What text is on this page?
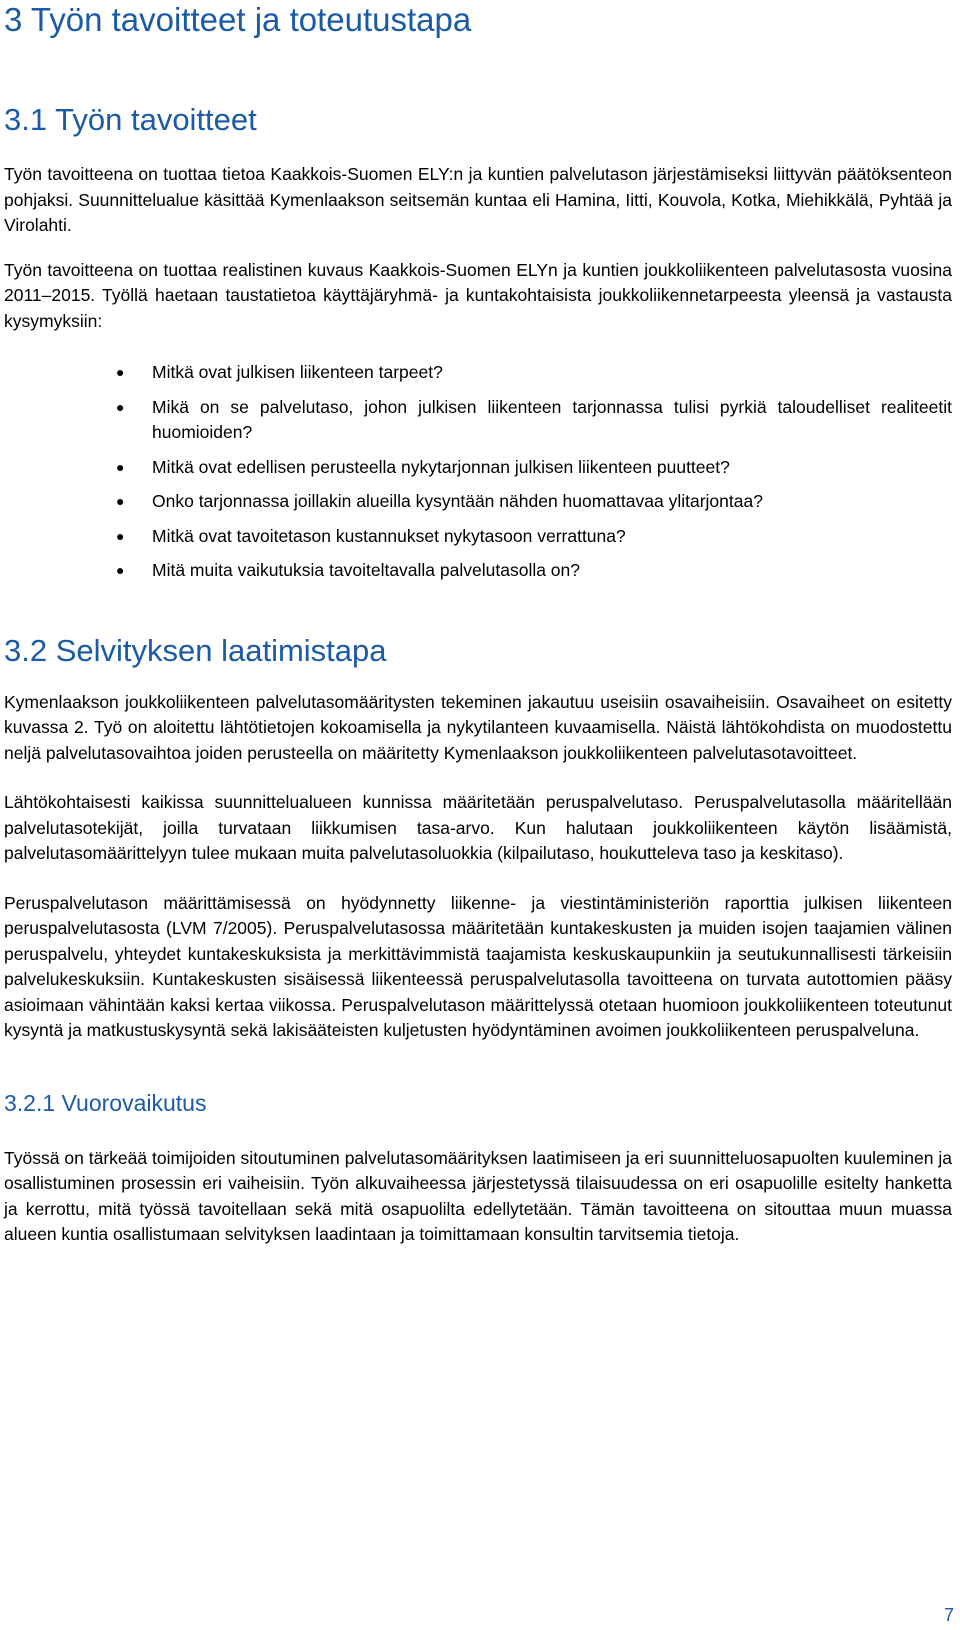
3 Työn tavoitteet ja toteutustapa
3.1 Työn tavoitteet

Työn tavoitteena on tuottaa tietoa Kaakkois-Suomen ELY:n ja kuntien palvelutason järjestämiseksi liittyvän päätöksenteon pohjaksi. Suunnittelualue käsittää Kymenlaakson seitsemän kuntaa eli Hamina, Iitti, Kouvola, Kotka, Miehikkälä, Pyhtää ja Virolahti.

Työn tavoitteena on tuottaa realistinen kuvaus Kaakkois-Suomen ELYn ja kuntien joukkoliikenteen palvelutasosta vuosina 2011–2015. Työllä haetaan taustatietoa käyttäjäryhmä- ja kuntakohtaisista joukkoliikennetarpeesta yleensä ja vastausta kysymyksiin:

● Mitkä ovat julkisen liikenteen tarpeet?
● Mikä on se palvelutaso, johon julkisen liikenteen tarjonnassa tulisi pyrkiä taloudelliset realiteetit huomioiden?
● Mitkä ovat edellisen perusteella nykytarjonnan julkisen liikenteen puutteet?
● Onko tarjonnassa joillakin alueilla kysyntään nähden huomattavaa ylitarjontaa?
● Mitkä ovat tavoitetason kustannukset nykytasoon verrattuna?
● Mitä muita vaikutuksia tavoiteltavalla palvelutasolla on?
3.2 Selvityksen laatimistapa

Kymenlaakson joukkoliikenteen palvelutasomääritysten tekeminen jakautuu useisiin osavaiheisiin. Osavaiheet on esitetty kuvassa 2. Työ on aloitettu lähtötietojen kokoamisella ja nykytilanteen kuvaamisella. Näistä lähtökohdista on muodostettu neljä palvelutasovaihtoa joiden perusteella on määritetty Kymenlaakson joukkoliikenteen palvelutasotavoitteet.

Lähtökohtaisesti kaikissa suunnittelualueen kunnissa määritetään peruspalvelutaso. Peruspalvelutasolla määritellään palvelutasotekijät, joilla turvataan liikkumisen tasa-arvo. Kun halutaan joukkoliikenteen käytön lisäämistä, palvelutasomäärittelyyn tulee mukaan muita palvelutasoluokkia (kilpailutaso, houkutteleva taso ja keskitaso).

Peruspalvelutason määrittämisessä on hyödynnetty liikenne- ja viestintäministeriön raporttia julkisen liikenteen peruspalvelutasosta (LVM 7/2005). Peruspalvelutasossa määritetään kuntakeskusten ja muiden isojen taajamien välinen peruspalvelu, yhteydet kuntakeskuksista ja merkittävimmistä taajamista keskuskaupunkiin ja seutukunnallisesti tärkeisiin palvelukeskuksiin. Kuntakeskusten sisäisessä liikenteessä peruspalvelutasolla tavoitteena on turvata autottomien pääsy asioimaan vähintään kaksi kertaa viikossa. Peruspalvelutason määrittelyssä otetaan huomioon joukkoliikenteen toteutunut kysyntä ja matkustuskysyntä sekä lakisääteisten kuljetusten hyödyntäminen avoimen joukkoliikenteen peruspalveluna.

3.2.1 Vuorovaikutus

Työssä on tärkeää toimijoiden sitoutuminen palvelutasomäärityksen laatimiseen ja eri suunnitteluosapuolten kuuleminen ja osallistuminen prosessin eri vaiheisiin. Työn alkuvaiheessa järjestetyssä tilaisuudessa on eri osapuolille esitelty hanketta ja kerrottu, mitä työssä tavoitellaan sekä mitä osapuolilta edellytetään. Tämän tavoitteena on sitouttaa muun muassa alueen kuntia osallistumaan selvityksen laadintaan ja toimittamaan konsultin tarvitsemia tietoja.

7
